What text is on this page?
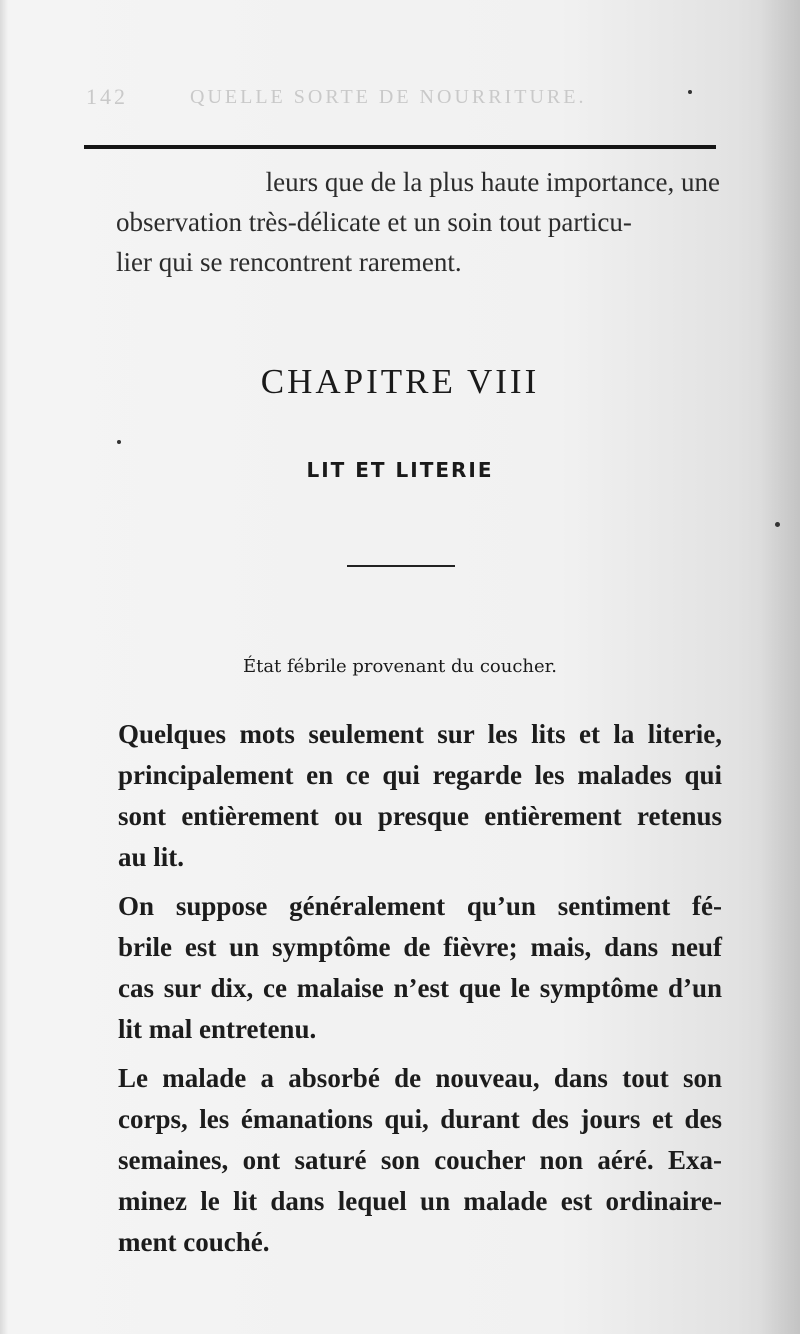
142	QUELLE SORTE DE NOURRITURE.
leurs que de la plus haute importance, une
observation très-délicate et un soin tout particu-
lier qui se rencontrent rarement.
CHAPITRE VIII
LIT ET LITERIE
État fébrile provenant du coucher.
Quelques mots seulement sur les lits et la literie,
principalement en ce qui regarde les malades qui
sont entièrement ou presque entièrement retenus
au lit.
On suppose généralement qu’un sentiment fé-
brile est un symptôme de fièvre; mais, dans neuf
cas sur dix, ce malaise n’est que le symptôme d’un
lit mal entretenu.
Le malade a absorbé de nouveau, dans tout son
corps, les émanations qui, durant des jours et des
semaines, ont saturé son coucher non aéré. Exa-
minez le lit dans lequel un malade est ordinaire-
ment couché.
